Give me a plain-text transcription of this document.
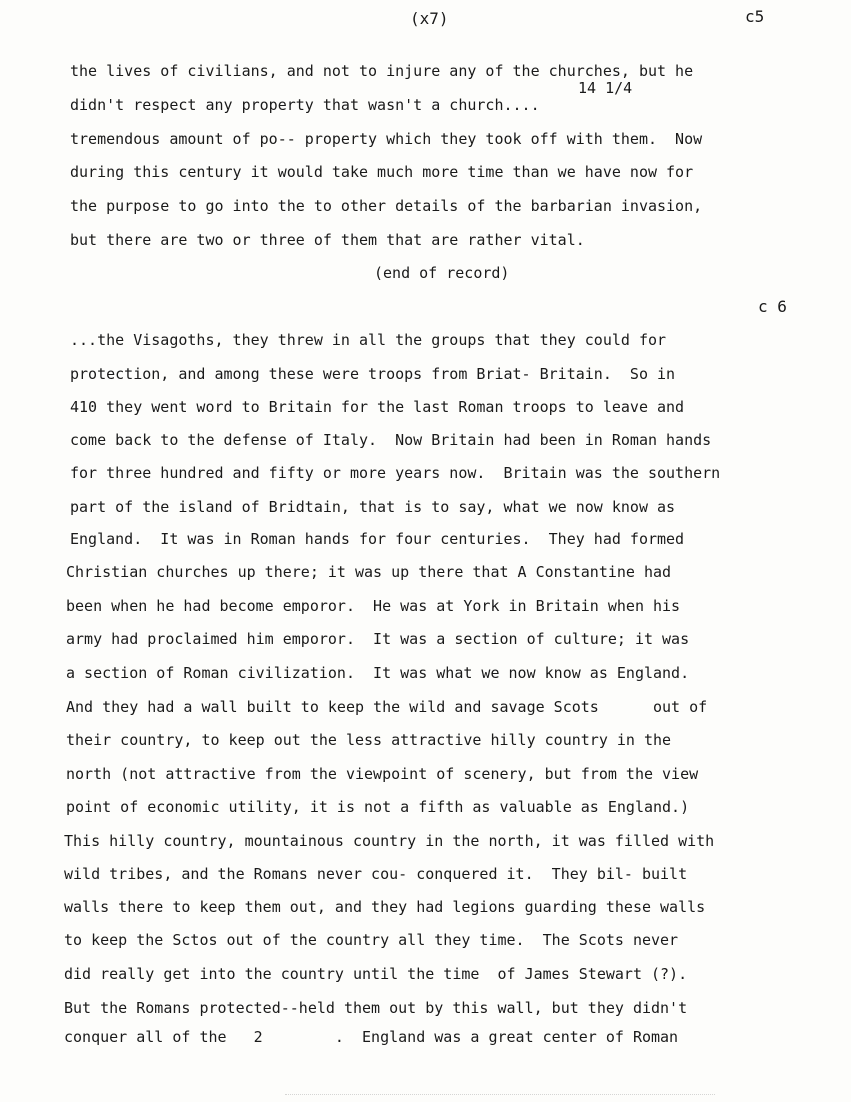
(x7)	c5
the lives of civilians, and not to injure any of the churches, but he
14 1/4
didn't respect any property that wasn't a church....
tremendous amount of po-- property which they took off with them.  Now
during this century it would take much more time than we have now for
the purpose to go into the to other details of the barbarian invasion,
but there are two or three of them that are rather vital.
(end of record)
c 6
...the Visagoths, they threw in all the groups that they could for
protection, and among these were troops from Briat- Britain.  So in
410 they went word to Britain for the last Roman troops to leave and
come back to the defense of Italy.  Now Britain had been in Roman hands
for three hundred and fifty or more years now.  Britain was the southern
part of the island of Bridtain, that is to say, what we now know as
England.  It was in Roman hands for four centuries.  They had formed
Christian churches up there; it was up there that A Constantine had
been when he had become emporor.  He was at York in Britain when his
army had proclaimed him emporor.  It was a section of culture; it was
a section of Roman civilization.  It was what we now know as England.
And they had a wall built to keep the wild and savage Scots      out of
their country, to keep out the less attractive hilly country in the
north (not attractive from the viewpoint of scenery, but from the view
point of economic utility, it is not a fifth as valuable as England.)
This hilly country, mountainous country in the north, it was filled with
wild tribes, and the Romans never cou- conquered it.  They bil- built
walls there to keep them out, and they had legions guarding these walls
to keep the Sctos out of the country all they time.  The Scots never
did really get into the country until the time  of James Stewart (?).
But the Romans protected--held them out by this wall, but they didn't
conquer all of the   2        .  England was a great center of Roman
